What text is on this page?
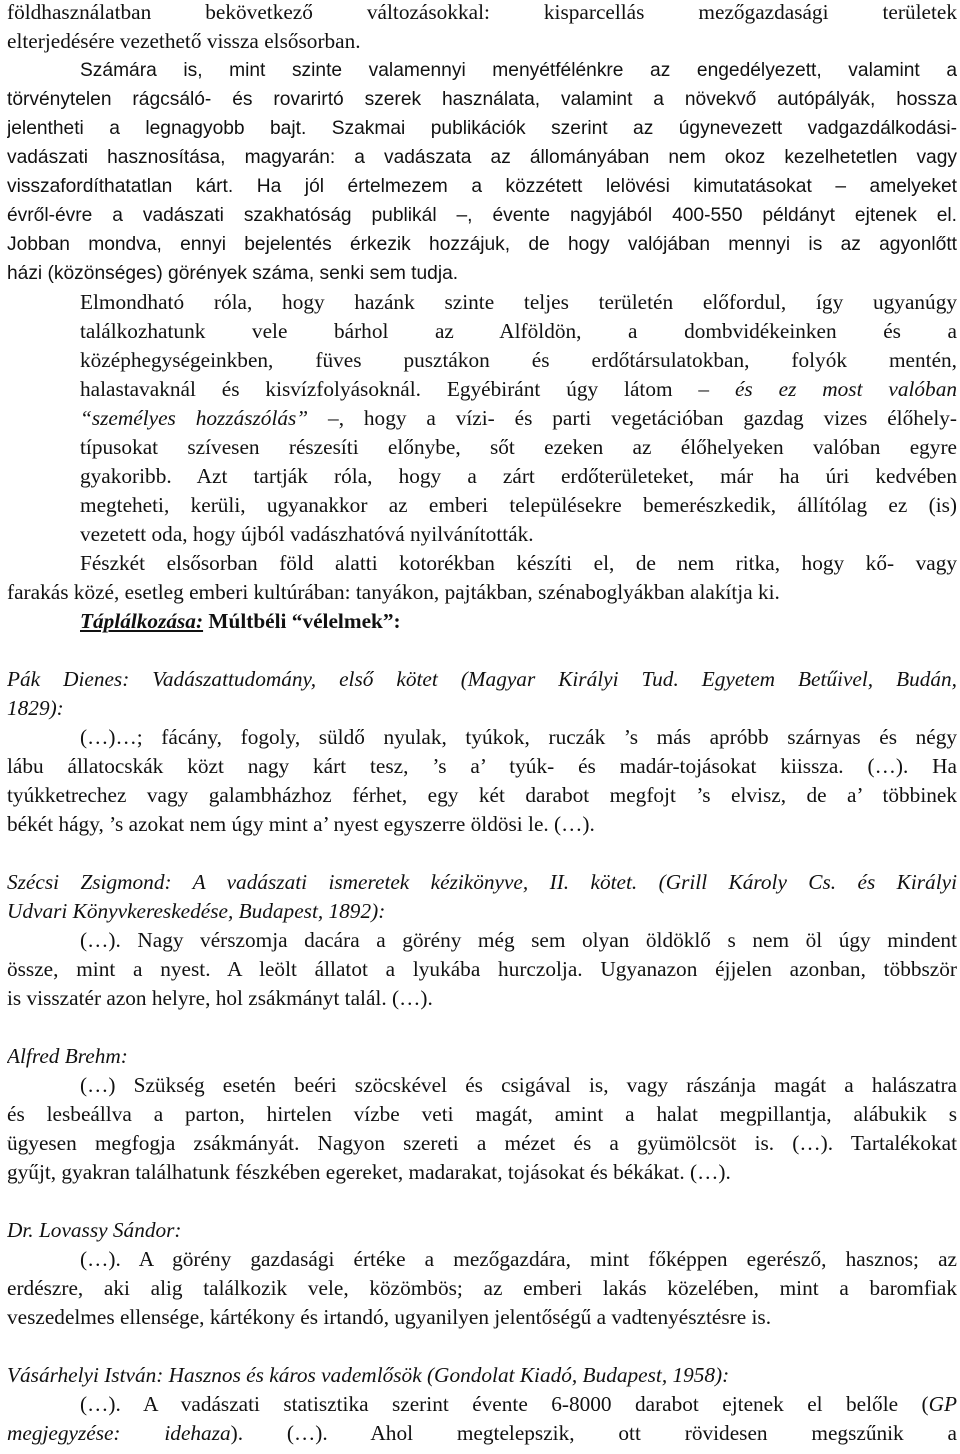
földhasználatban bekövetkező változásokkal: kisparcellás mezőgazdasági területek

elterjedésére vezethető vissza elsősorban.

Számára is, mint szinte valamennyi menyétfélénkre az engedélyezett, valamint a

törvénytelen rágcsáló- és rovarirtó szerek használata, valamint a növekvő autópályák, hossza

jelentheti a legnagyobb bajt. Szakmai publikációk szerint az úgynevezett vadgazdálkodási-

vadászati hasznosítása, magyarán: a vadászata az állományában nem okoz kezelhetetlen vagy

visszafordíthatatlan kárt. Ha jól értelmezem a közzétett lelövési kimutatásokat – amelyeket

évről-évre a vadászati szakhatóság publikál –, évente nagyjából 400-550 példányt ejtenek el.

Jobban mondva, ennyi bejelentés érkezik hozzájuk, de hogy valójában mennyi is az agyonlőtt

házi (közönséges) görények száma, senki sem tudja.

Elmondható róla, hogy hazánk szinte teljes területén előfordul, így ugyanúgy

találkozhatunk vele bárhol az Alföldön, a dombvidékeinken és a

középhegységeinkben, füves pusztákon és erdőtársulatokban, folyók mentén,

halastavaknál és kisvízfolyásoknál. Egyébiránt úgy látom – és ez most valóban

“személyes hozzászólás” –, hogy a vízi- és parti vegetációban gazdag vizes élőhely-

típusokat szívesen részesíti előnybe, sőt ezeken az élőhelyeken valóban egyre

gyakoribb. Azt tartják róla, hogy a zárt erdőterületeket, már ha úri kedvében

megteheti, kerüli, ugyanakkor az emberi településekre bemerészkedik, állítólag ez (is)

vezetett oda, hogy újból vadászhatóvá nyilvánították.

Fészkét elsősorban föld alatti kotorékban készíti el, de nem ritka, hogy kő- vagy

farakás közé, esetleg emberi kultúrában: tanyákon, pajtákban, szénaboglyákban alakítja ki.

Táplálkozása: Múltbéli “vélelmek”:

Pák Dienes: Vadászattudomány, első kötet (Magyar Királyi Tud. Egyetem Betűivel, Budán,

1829):

(…)…; fácány, fogoly, süldő nyulak, tyúkok, ruczák ’s más apróbb szárnyas és négy

lábu állatocskák közt nagy kárt tesz, ’s a’ tyúk- és madár-tojásokat kiissza. (…). Ha

tyúkketrechez vagy galambházhoz férhet, egy két darabot megfojt ’s elvisz, de a’ többinek

békét hágy, ’s azokat nem úgy mint a’ nyest egyszerre öldösi le. (…).

Szécsi Zsigmond: A vadászati ismeretek kézikönyve, II. kötet. (Grill Károly Cs. és Királyi

Udvari Könyvkereskedése, Budapest, 1892):

(…). Nagy vérszomja dacára a görény még sem olyan öldöklő s nem öl úgy mindent

össze, mint a nyest. A leölt állatot a lyukába hurczolja. Ugyanazon éjjelen azonban, többször

is visszatér azon helyre, hol zsákmányt talál. (…).

Alfred Brehm:

(…) Szükség esetén beéri szöcskével és csigával is, vagy rászánja magát a halászatra

és lesbeállva a parton, hirtelen vízbe veti magát, amint a halat megpillantja, alábukik s

ügyesen megfogja zsákmányát. Nagyon szereti a mézet és a gyümölcsöt is. (…). Tartalékokat

gyűjt, gyakran találhatunk fészkében egereket, madarakat, tojásokat és békákat. (…).

Dr. Lovassy Sándor:

(…). A görény gazdasági értéke a mezőgazdára, mint főképpen egerésző, hasznos; az

erdészre, aki alig találkozik vele, közömbös; az emberi lakás közelében, mint a baromfiak

veszedelmes ellensége, kártékony és irtandó, ugyanilyen jelentőségű a vadtenyésztésre is.

Vásárhelyi István: Hasznos és káros vademlősök (Gondolat Kiadó, Budapest, 1958):

(…). A vadászati statisztika szerint évente 6-8000 darabot ejtenek el belőle (GP

megjegyzése: idehaza). (…). Ahol megtelepszik, ott rövidesen megszűnik a
